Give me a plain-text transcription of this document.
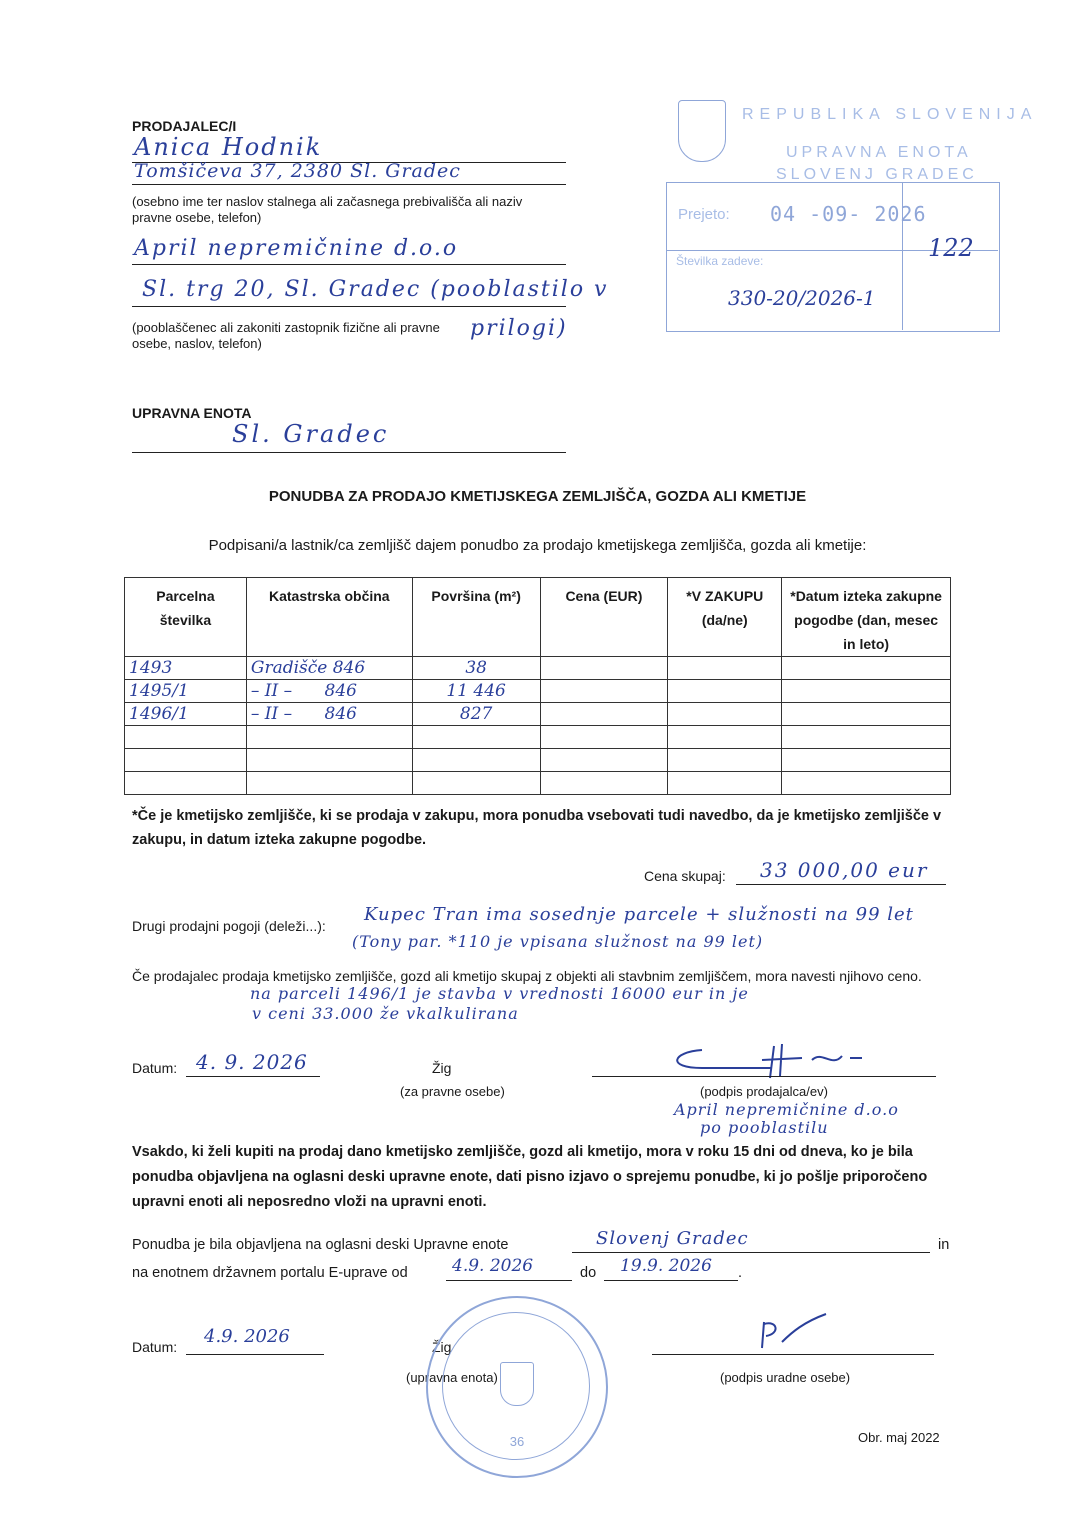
PRODAJALEC/I
Anica Hodnik
Tomšičeva 37, 2380 Sl. Gradec
(osebno ime ter naslov stalnega ali začasnega prebivališča ali naziv pravne osebe, telefon)
April nepremičnine d.o.o
Sl. trg 20, Sl. Gradec (pooblastilo v
(pooblaščenec ali zakoniti zastopnik fizične ali pravne osebe, naslov, telefon)
prilogi)
REPUBLIKA SLOVENIJA
UPRAVNA ENOTA
SLOVENJ GRADEC
Prejeto: 04 -09- 2026
Številka zadeve:
330-20/2026-1
122
UPRAVNA ENOTA
Sl. Gradec
PONUDBA ZA PRODAJO KMETIJSKEGA ZEMLJIŠČA, GOZDA ALI KMETIJE
Podpisani/a lastnik/ca zemljišč dajem ponudbo za prodajo kmetijskega zemljišča, gozda ali kmetije:
Parcelna številka	Katastrska občina	Površina (m²)	Cena (EUR)	*V ZAKUPU (da/ne)	*Datum izteka zakupne pogodbe (dan, mesec in leto)
1493	Gradišče 846	38			
1495/1	– II –      846	11 446			
1496/1	– II –      846	827			

*Če je kmetijsko zemljišče, ki se prodaja v zakupu, mora ponudba vsebovati tudi navedbo, da je kmetijsko zemljišče v zakupu, in datum izteka zakupne pogodbe.
Cena skupaj: 33 000,00 eur
Drugi prodajni pogoji (deleži...):
Kupec Tran ima sosednje parcele + služnosti na 99 let
(Tony par. *110 je vpisana služnost na 99 let)
Če prodajalec prodaja kmetijsko zemljišče, gozd ali kmetijo skupaj z objekti ali stavbnim zemljiščem, mora navesti njihovo ceno.
na parceli 1496/1 je stavba v vrednosti 16000 eur in je
v ceni 33.000 že vkalkulirana
Datum: 4. 9. 2026	Žig
(za pravne osebe)	(podpis prodajalca/ev)
April nepremičnine d.o.o
po pooblastilu
Vsakdo, ki želi kupiti na prodaj dano kmetijsko zemljišče, gozd ali kmetijo, mora v roku 15 dni od dneva, ko je bila ponudba objavljena na oglasni deski upravne enote, dati pisno izjavo o sprejemu ponudbe, ki jo pošlje priporočeno upravni enoti ali neposredno vloži na upravni enoti.
Ponudba je bila objavljena na oglasni deski Upravne enote	Slovenj Gradec	in
na enotnem državnem portalu E-uprave od	4.9. 2026	do 19.9. 2026 .
Datum: 4.9. 2026	Žig
(upravna enota)
36
(podpis uradne osebe)
Obr. maj 2022
